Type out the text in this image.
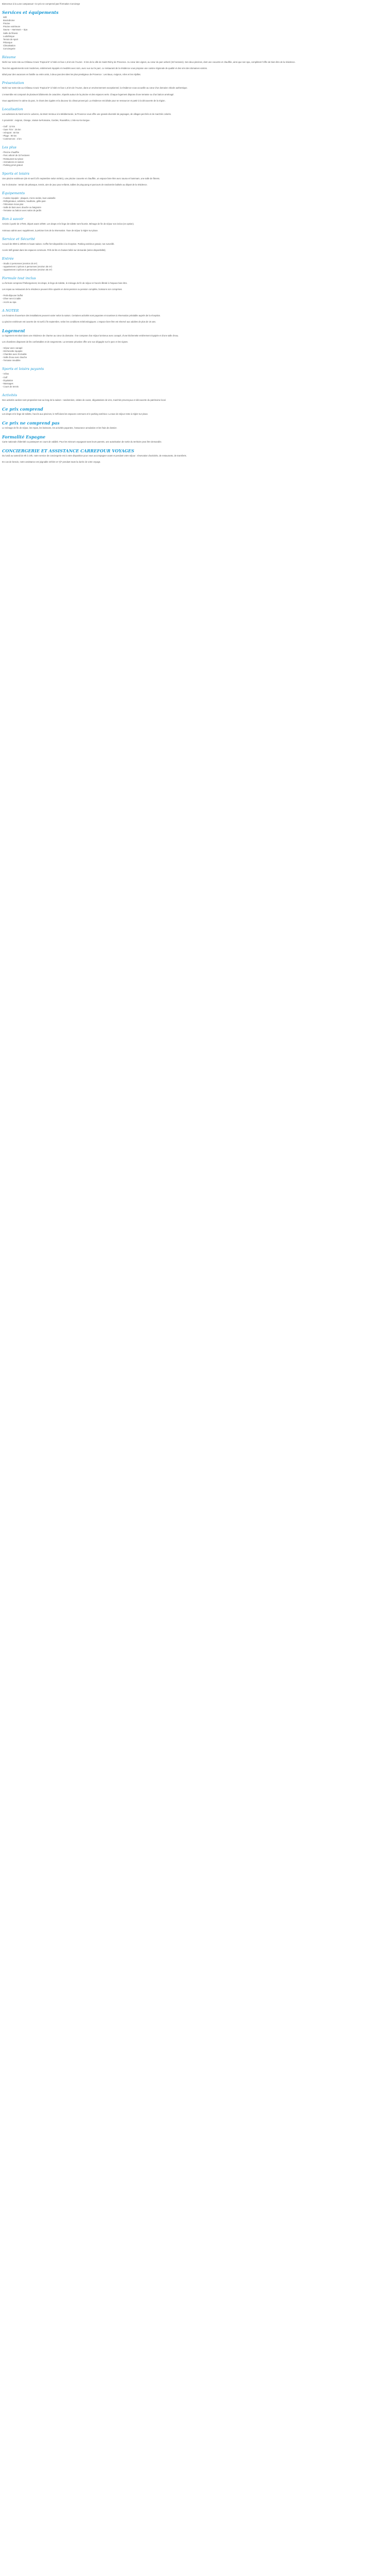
Bienvenue à la Lune campanaut ! Ce prix ne comprend pas l'formation Concierge
Services et équipements
Wifi
Boulodrome
Piscine
Piscine extérieure
Sauna – Hammam – Spa
Salle de fitness
Ludothèque
Terrain de sport
Pétanque
Climatisation
Conciergerie
Résume

Niché sur notre site au Château Cravic Tropical 5* à l'abri en face 1,5 km de l'Auzon - 8 km de la ville de Saint-Rémy de Provence. Au cœur des vignes, au cœur du parc arboré (32 hectares). Ses deux piscines, dont une couverte et chauffée, ainsi que son spa, complètent l'offre de bien-être de la résidence.

Tous les appartements sont modernes, entièrement équipés et meublés avec soin, avec vue sur le parc. Le restaurant de la résidence vous propose une cuisine régionale de qualité et des vins des domaines voisins.

Idéal pour des vacances en famille ou entre amis, à deux pas des sites les plus prestigieux de Provence : Les Baux, Avignon, Arles et les Alpilles.

Présentation

Niché sur notre site au Château Cravic Tropical 5* à l'abri en face 1,5 km de l'Auzon, dans un environnement exceptionnel, la résidence vous accueille au cœur d'un domaine viticole authentique.

L'ensemble est composé de plusieurs bâtiments de caractère, répartis autour de la piscine et des espaces verts. Chaque logement dispose d'une terrasse ou d'un balcon aménagé.

Vous apprécierez le calme du parc, le chant des cigales et la douceur du climat provençal. La résidence est idéale pour se ressourcer et partir à la découverte de la région.

Localisation

Les adresses du Nord vers le Luberon, du Mont Ventoux à la Méditerranée, la Provence vous offre une grande diversité de paysages, de villages perchés et de marchés colorés.

À proximité : Avignon, Orange, Vaison-la-Romaine, Gordes, Roussillon, L'Isle-sur-la-Sorgue.

- Golf : 12 km
- Gare TGV : 25 km
- Aéroport : 60 km
- Plage : 90 km
- Commerces : 2 km
Les plus
- Piscine chauffée
- Parc arboré de 32 hectares
- Restaurant sur place
- Animations en saison
- Parking privé gratuit
Sports et loisirs

Une piscine extérieure (de mi-avril à fin septembre selon météo), une piscine couverte et chauffée, un espace bien-être avec sauna et hammam, une salle de fitness.

Sur le domaine : terrain de pétanque, tennis, aire de jeux pour enfants, tables de ping-pong et parcours de randonnée balisés au départ de la résidence.

Équipements
- Cuisine équipée : plaques, micro-ondes, lave-vaisselle
- Réfrigérateur, cafetière, bouilloire, grille-pain
- Télévision écran plat
- Salle de bain avec douche ou baignoire
- Terrasse ou balcon avec salon de jardin
Bon à savoir

Arrivée à partir de 17h00, départ avant 10h00. Les draps et le linge de toilette sont fournis. Ménage de fin de séjour non inclus (en option).

Animaux admis avec supplément, à préciser lors de la réservation. Taxe de séjour à régler sur place.

Service et Sécurité

Accueil de 8h00 à 20h00 en haute saison. Coffre-fort disponible à la réception. Parking extérieur gratuit, non surveillé.

Accès Wifi gratuit dans les espaces communs. Prêt de lits et chaises bébé sur demande (selon disponibilité).

Entrée
- Studio 2 personnes (environ 25 m²)
- Appartement 2 pièces 4 personnes (environ 35 m²)
- Appartement 3 pièces 6 personnes (environ 45 m²)
Formule tout inclus

La formule comprend l'hébergement, les draps, le linge de toilette, le ménage de fin de séjour et l'accès illimité à l'espace bien-être.

Les repas au restaurant de la résidence peuvent être ajoutés en demi-pension ou pension complète, boissons non comprises.

- Petit-déjeuner buffet
- Dîner servi à table
- Accès au spa
A NOTER

Les horaires d'ouverture des installations peuvent varier selon la saison. Certaines activités sont payantes et soumises à réservation préalable auprès de la réception.

La piscine extérieure est ouverte de mi-avril à fin septembre, selon les conditions météorologiques. L'espace bien-être est réservé aux adultes de plus de 16 ans.

Logement

Le logement est situé dans une résidence de charme au cœur du domaine. Il se compose d'un séjour lumineux avec canapé, d'une kitchenette entièrement équipée et d'une salle d'eau.

Les chambres disposent de lits confortables et de rangements. La terrasse privative offre une vue dégagée sur le parc et les vignes.

- Séjour avec canapé
- Kitchenette équipée
- Chambre avec lit double
- Salle d'eau avec douche
- Terrasse meublée
Sports et loisirs payants
- Vélos
- Golf
- Équitation
- Massages
- Cours de tennis
Activités

Des activités variées sont proposées tout au long de la saison : randonnées, visites de caves, dégustations de vins, marchés provençaux et découverte du patrimoine local.

Ce prix comprend

Les draps et le linge de toilette, l'accès aux piscines, le Wifi dans les espaces communs et le parking extérieur. La taxe de séjour reste à régler sur place.

Ce prix ne comprend pas

Le ménage de fin de séjour, les repas, les boissons, les activités payantes, l'assurance annulation et les frais de dossier.

Formalité Espagne

Carte nationale d'identité ou passeport en cours de validité. Pour les mineurs voyageant sans leurs parents, une autorisation de sortie du territoire peut être demandée.

CONCIERGERIE ET ASSISTANCE CARREFOUR VOYAGES

Du lundi au samedi de 9h à 19h, notre service de conciergerie est à votre disposition pour vous accompagner avant et pendant votre séjour : réservation d'activités, de restaurants, de transferts.

En cas de besoin, notre assistance est joignable 24h/24 et 7j/7 pendant toute la durée de votre voyage.
